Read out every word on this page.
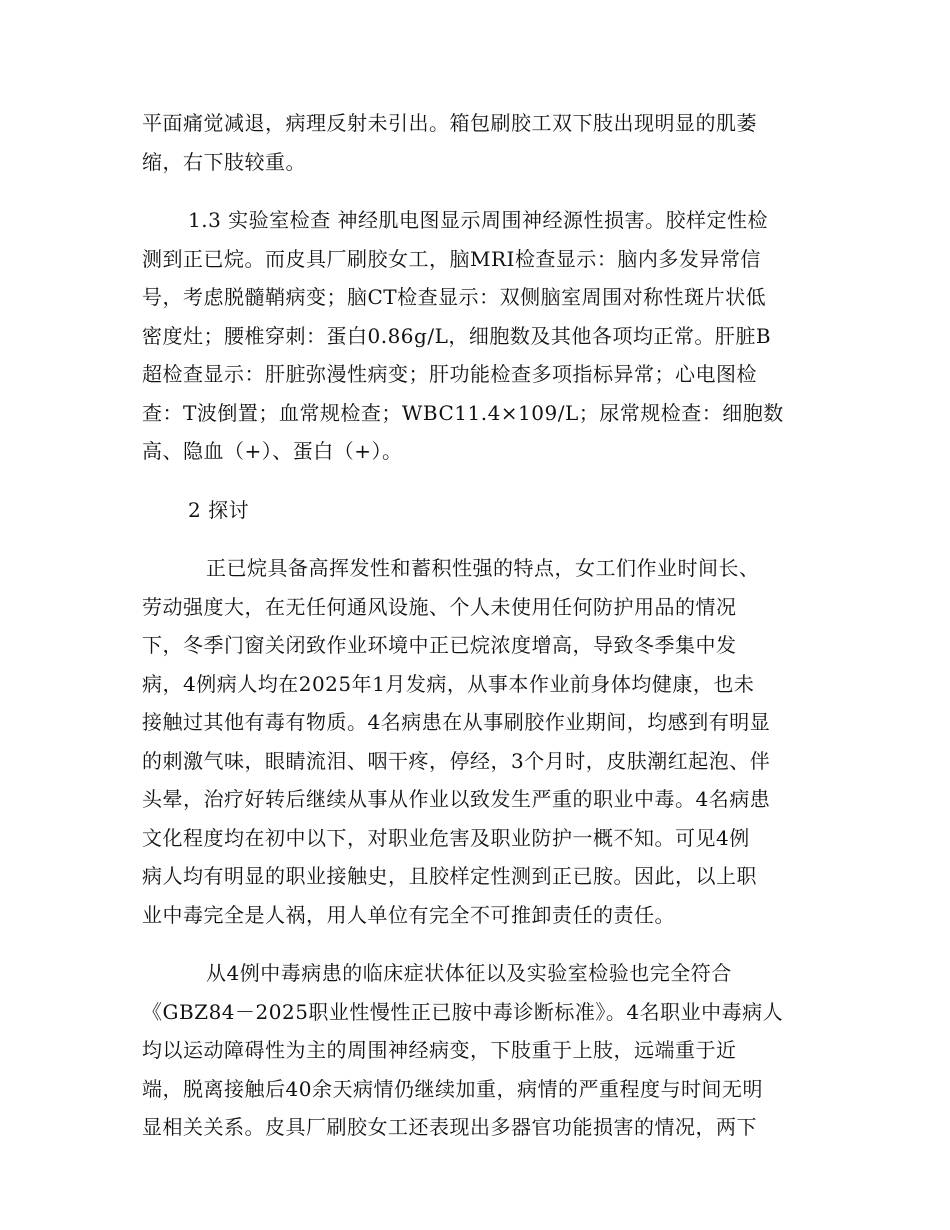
平面痛觉减退，病理反射未引出。箱包刷胶工双下肢出现明显的肌萎
缩，右下肢较重。
1.3 实验室检查 神经肌电图显示周围神经源性损害。胶样定性检
测到正已烷。而皮具厂刷胶女工，脑MRI检查显示：脑内多发异常信
号，考虑脱髓鞘病变；脑CT检查显示：双侧脑室周围对称性斑片状低
密度灶；腰椎穿刺：蛋白0.86g/L，细胞数及其他各项均正常。肝脏B
超检查显示：肝脏弥漫性病变；肝功能检查多项指标异常；心电图检
查：T波倒置；血常规检查；WBC11.4×109/L；尿常规检查：细胞数
高、隐血（+）、蛋白（+）。
2 探讨
正已烷具备高挥发性和蓄积性强的特点，女工们作业时间长、
劳动强度大，在无任何通风设施、个人未使用任何防护用品的情况
下，冬季门窗关闭致作业环境中正已烷浓度增高，导致冬季集中发
病，4例病人均在2025年1月发病，从事本作业前身体均健康，也未
接触过其他有毒有物质。4名病患在从事刷胶作业期间，均感到有明显
的刺激气味，眼睛流泪、咽干疼，停经，3个月时，皮肤潮红起泡、伴
头晕，治疗好转后继续从事从作业以致发生严重的职业中毒。4名病患
文化程度均在初中以下，对职业危害及职业防护一概不知。可见4例
病人均有明显的职业接触史，且胶样定性测到正已胺。因此，以上职
业中毒完全是人祸，用人单位有完全不可推卸责任的责任。
从4例中毒病患的临床症状体征以及实验室检验也完全符合
《GBZ84－2025职业性慢性正已胺中毒诊断标准》。4名职业中毒病人
均以运动障碍性为主的周围神经病变，下肢重于上肢，远端重于近
端，脱离接触后40余天病情仍继续加重，病情的严重程度与时间无明
显相关关系。皮具厂刷胶女工还表现出多器官功能损害的情况，两下
